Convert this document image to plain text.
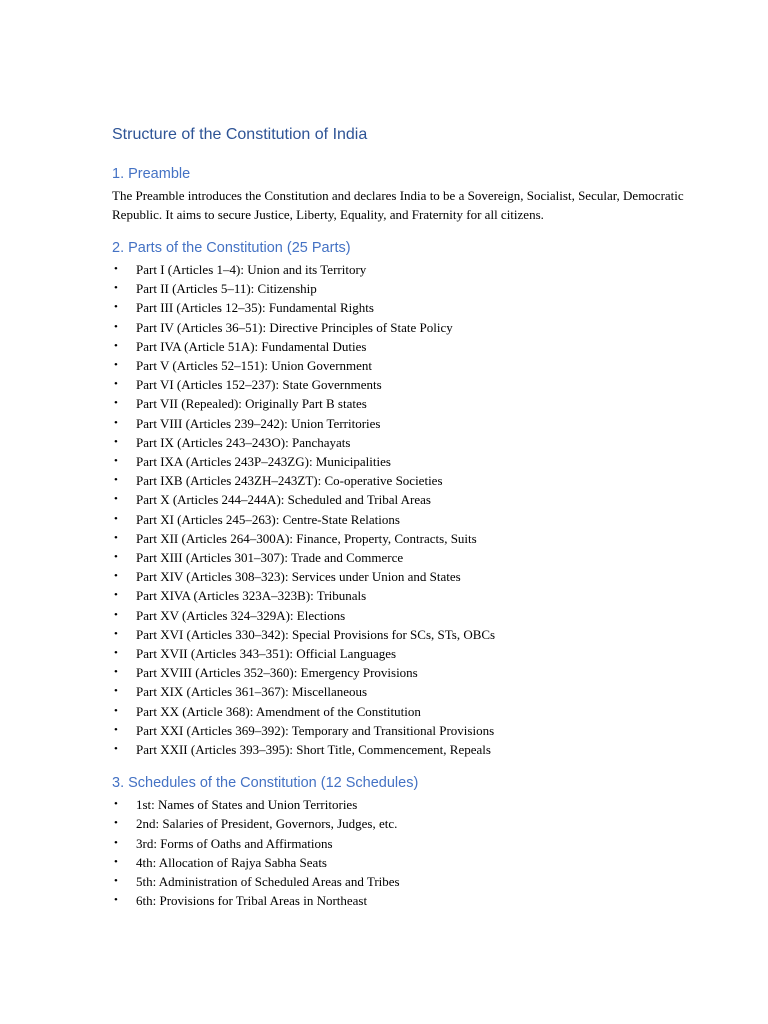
Structure of the Constitution of India
1. Preamble

The Preamble introduces the Constitution and declares India to be a Sovereign, Socialist, Secular, Democratic Republic. It aims to secure Justice, Liberty, Equality, and Fraternity for all citizens.

2. Parts of the Constitution (25 Parts)
• Part I (Articles 1–4): Union and its Territory
• Part II (Articles 5–11): Citizenship
• Part III (Articles 12–35): Fundamental Rights
• Part IV (Articles 36–51): Directive Principles of State Policy
• Part IVA (Article 51A): Fundamental Duties
• Part V (Articles 52–151): Union Government
• Part VI (Articles 152–237): State Governments
• Part VII (Repealed): Originally Part B states
• Part VIII (Articles 239–242): Union Territories
• Part IX (Articles 243–243O): Panchayats
• Part IXA (Articles 243P–243ZG): Municipalities
• Part IXB (Articles 243ZH–243ZT): Co-operative Societies
• Part X (Articles 244–244A): Scheduled and Tribal Areas
• Part XI (Articles 245–263): Centre-State Relations
• Part XII (Articles 264–300A): Finance, Property, Contracts, Suits
• Part XIII (Articles 301–307): Trade and Commerce
• Part XIV (Articles 308–323): Services under Union and States
• Part XIVA (Articles 323A–323B): Tribunals
• Part XV (Articles 324–329A): Elections
• Part XVI (Articles 330–342): Special Provisions for SCs, STs, OBCs
• Part XVII (Articles 343–351): Official Languages
• Part XVIII (Articles 352–360): Emergency Provisions
• Part XIX (Articles 361–367): Miscellaneous
• Part XX (Article 368): Amendment of the Constitution
• Part XXI (Articles 369–392): Temporary and Transitional Provisions
• Part XXII (Articles 393–395): Short Title, Commencement, Repeals
3. Schedules of the Constitution (12 Schedules)
• 1st: Names of States and Union Territories
• 2nd: Salaries of President, Governors, Judges, etc.
• 3rd: Forms of Oaths and Affirmations
• 4th: Allocation of Rajya Sabha Seats
• 5th: Administration of Scheduled Areas and Tribes
• 6th: Provisions for Tribal Areas in Northeast
